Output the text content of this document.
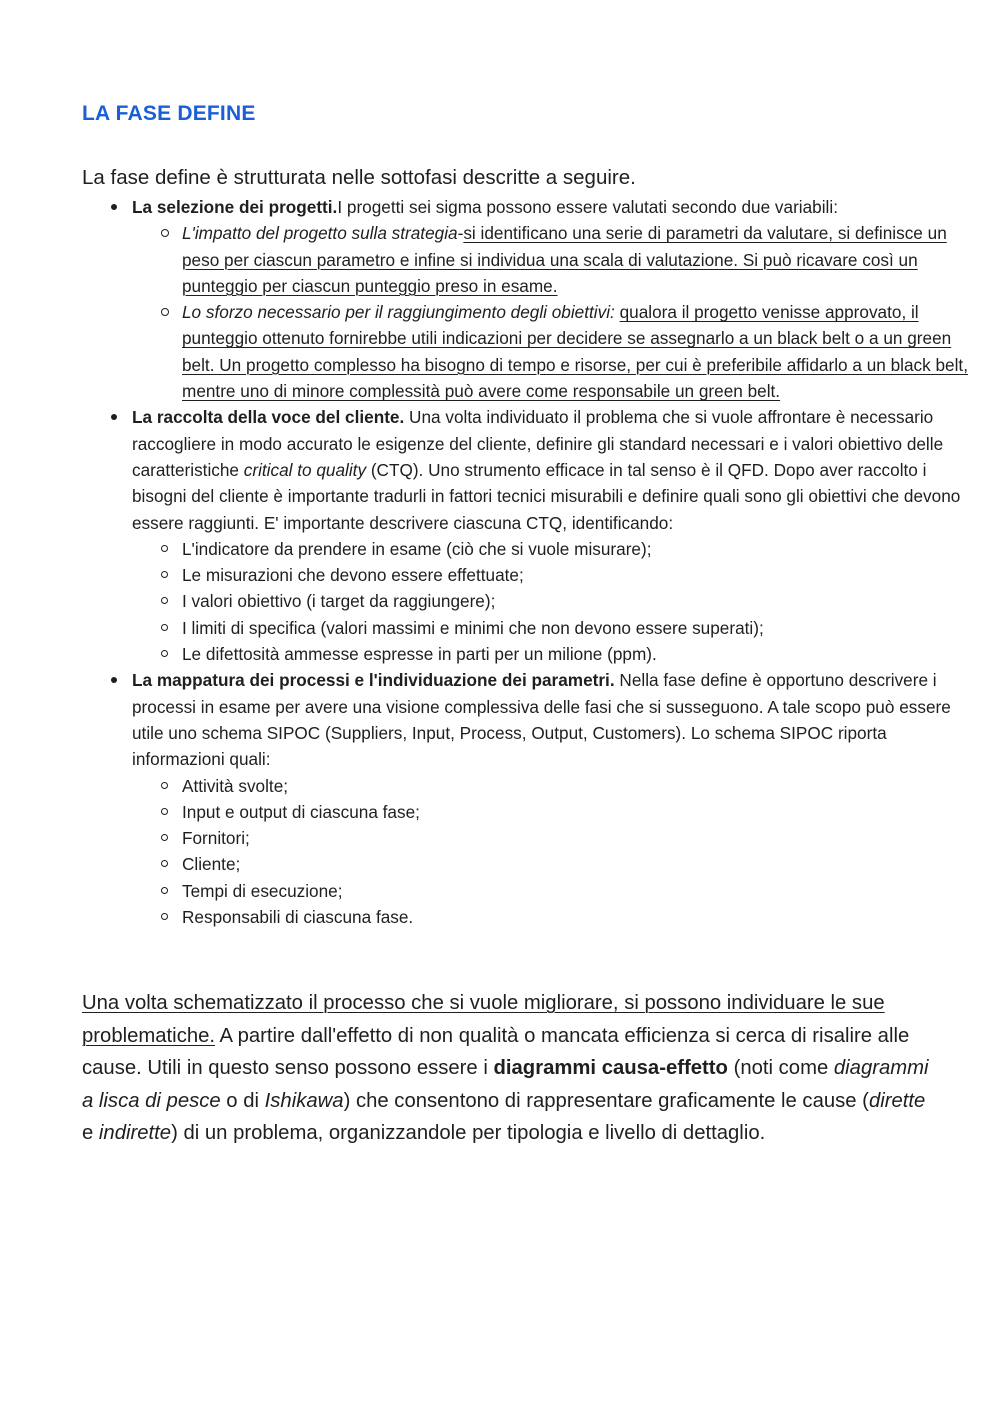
LA FASE DEFINE

La fase define è strutturata nelle sottofasi descritte a seguire.

La selezione dei progetti.I progetti sei sigma possono essere valutati secondo due variabili:
L'impatto del progetto sulla strategia-si identificano una serie di parametri da valutare, si definisce un peso per ciascun parametro e infine si individua una scala di valutazione. Si può ricavare così un punteggio per ciascun punteggio preso in esame.
Lo sforzo necessario per il raggiungimento degli obiettivi: qualora il progetto venisse approvato, il punteggio ottenuto fornirebbe utili indicazioni per decidere se assegnarlo a un black belt o a un green belt. Un progetto complesso ha bisogno di tempo e risorse, per cui è preferibile affidarlo a un black belt, mentre uno di minore complessità può avere come responsabile un green belt.
La raccolta della voce del cliente. Una volta individuato il problema che si vuole affrontare è necessario raccogliere in modo accurato le esigenze del cliente, definire gli standard necessari e i valori obiettivo delle caratteristiche critical to quality (CTQ). Uno strumento efficace in tal senso è il QFD. Dopo aver raccolto i bisogni del cliente è importante tradurli in fattori tecnici misurabili e definire quali sono gli obiettivi che devono essere raggiunti. E' importante descrivere ciascuna CTQ, identificando:
L'indicatore da prendere in esame (ciò che si vuole misurare);
Le misurazioni che devono essere effettuate;
I valori obiettivo (i target da raggiungere);
I limiti di specifica (valori massimi e minimi che non devono essere superati);
Le difettosità ammesse espresse in parti per un milione (ppm).
La mappatura dei processi e l'individuazione dei parametri. Nella fase define è opportuno descrivere i processi in esame per avere una visione complessiva delle fasi che si susseguono. A tale scopo può essere utile uno schema SIPOC (Suppliers, Input, Process, Output, Customers). Lo schema SIPOC riporta informazioni quali:
Attività svolte;
Input e output di ciascuna fase;
Fornitori;
Cliente;
Tempi di esecuzione;
Responsabili di ciascuna fase.

Una volta schematizzato il processo che si vuole migliorare, si possono individuare le sue problematiche. A partire dall'effetto di non qualità o mancata efficienza si cerca di risalire alle cause. Utili in questo senso possono essere i diagrammi causa-effetto (noti come diagrammi a lisca di pesce o di Ishikawa) che consentono di rappresentare graficamente le cause (dirette e indirette) di un problema, organizzandole per tipologia e livello di dettaglio.
